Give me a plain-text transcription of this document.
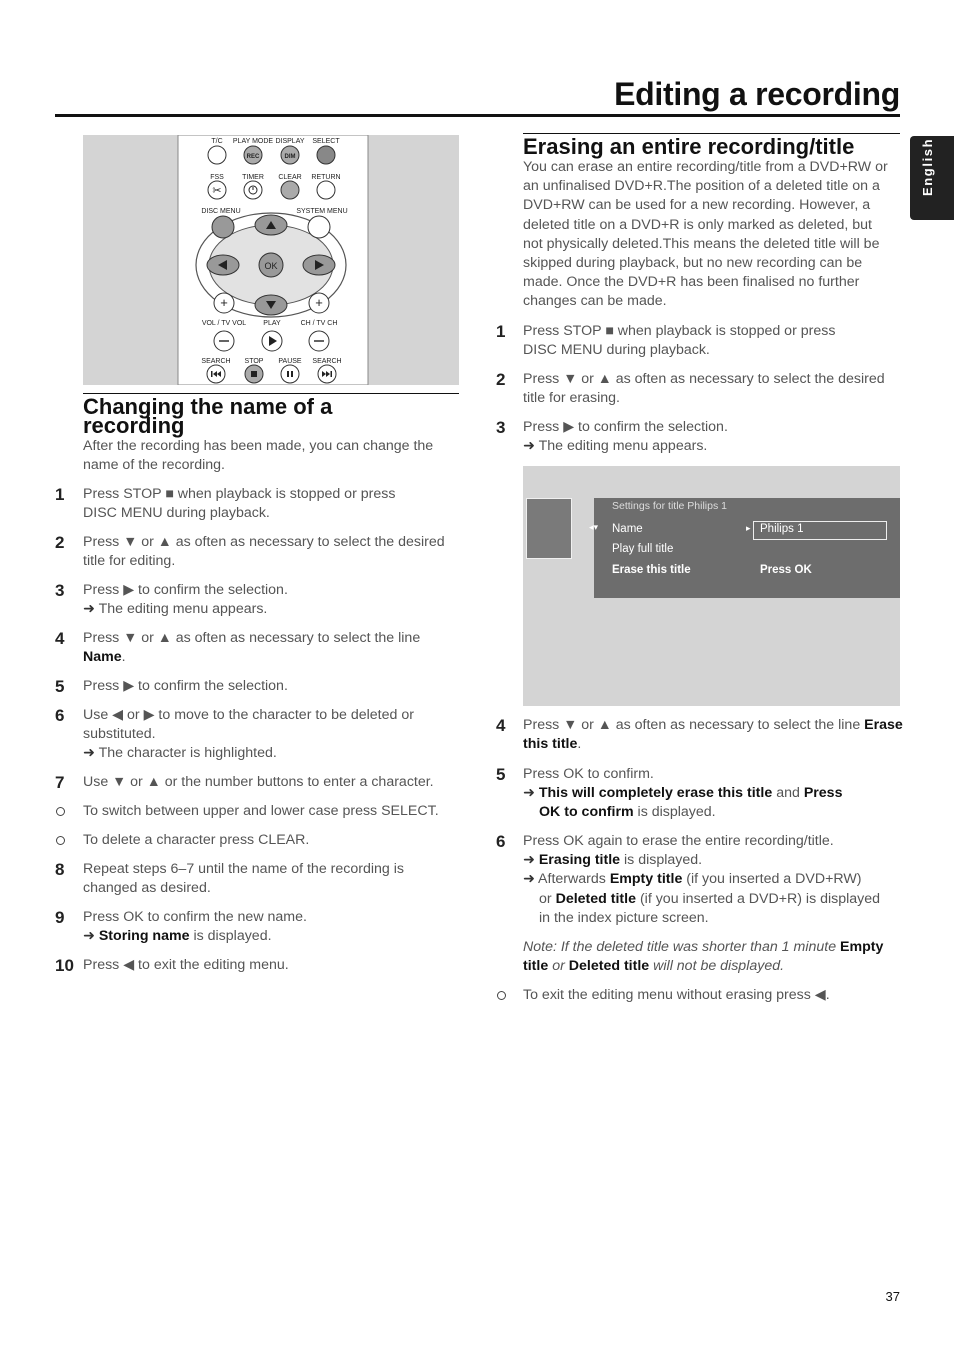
Editing a recording
English
T/C PLAY MODE DISPLAY SELECT
FSS	TIMER CLEAR RETURN
DISC MENU	SYSTEM MENU
VOL / TV VOL PLAY	CH / TV CH
SEARCH STOP PAUSE SEARCH
REC	DIM
✂
OK
+	+
Changing the name of a
recording
After the recording has been made, you can change the
name of the recording.
1 Press STOP ■ when playback is stopped or press
DISC MENU during playback.
2 Press ▼ or ▲ as often as necessary to select the desired
title for editing.
3 Press ▶ to confirm the selection.
➜ The editing menu appears.
4 Press ▼ or ▲ as often as necessary to select the line
Name.
5 Press ▶ to confirm the selection.
6 Use ◀ or ▶ to move to the character to be deleted or
substituted.
➜ The character is highlighted.
7 Use ▼ or ▲ or the number buttons to enter a character.
To switch between upper and lower case press SELECT.
To delete a character press CLEAR.
8 Repeat steps 6–7 until the name of the recording is
changed as desired.
9 Press OK to confirm the new name.
➜ Storing name is displayed.
10 Press ◀ to exit the editing menu.
Erasing an entire recording/title
You can erase an entire recording/title from a DVD+RW or
an unfinalised DVD+R.The position of a deleted title on a
DVD+RW can be used for a new recording. However, a
deleted title on a DVD+R is only marked as deleted, but
not physically deleted.This means the deleted title will be
skipped during playback, but no new recording can be
made. Once the DVD+R has been finalised no further
changes can be made.
1 Press STOP ■ when playback is stopped or press
DISC MENU during playback.
2 Press ▼ or ▲ as often as necessary to select the desired
title for erasing.
3 Press ▶ to confirm the selection.
➜ The editing menu appears.
Settings for title Philips 1
◂▾ Name	▸ Philips 1
Play full title
Erase this title	Press OK
4 Press ▼ or ▲ as often as necessary to select the line Erase
this title.
5 Press OK to confirm.
➜ This will completely erase this title and Press
OK to confirm is displayed.
6 Press OK again to erase the entire recording/title.
➜ Erasing title is displayed.
➜ Afterwards Empty title (if you inserted a DVD+RW)
or Deleted title (if you inserted a DVD+R) is displayed
in the index picture screen.
Note: If the deleted title was shorter than 1 minute Empty
title or Deleted title will not be displayed.
To exit the editing menu without erasing press ◀.
37
